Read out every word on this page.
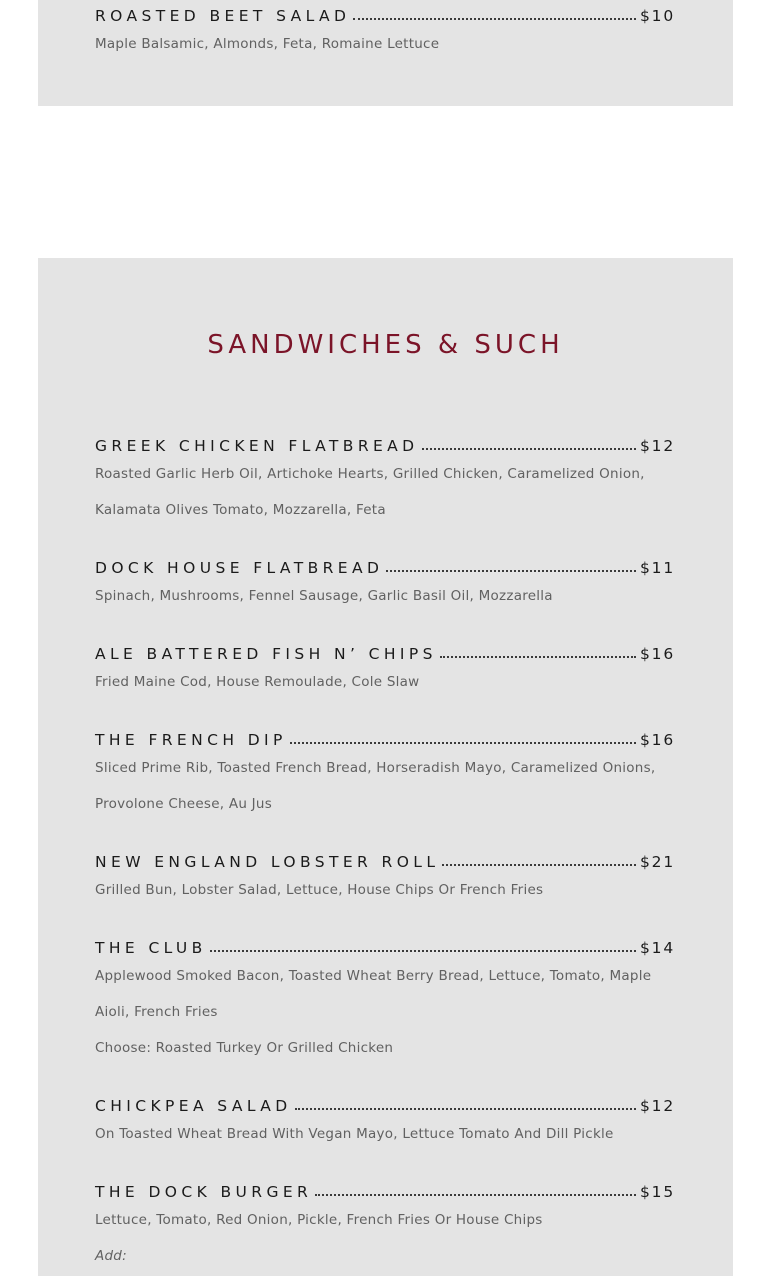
ROASTED BEET SALAD	$10
Maple Balsamic, Almonds, Feta, Romaine Lettuce
SANDWICHES & SUCH
GREEK CHICKEN FLATBREAD	$12
Roasted Garlic Herb Oil, Artichoke Hearts, Grilled Chicken, Caramelized Onion,
Kalamata Olives Tomato, Mozzarella, Feta
DOCK HOUSE FLATBREAD	$11
Spinach, Mushrooms, Fennel Sausage, Garlic Basil Oil, Mozzarella
ALE BATTERED FISH N’ CHIPS	$16
Fried Maine Cod, House Remoulade, Cole Slaw
THE FRENCH DIP	$16
Sliced Prime Rib, Toasted French Bread, Horseradish Mayo, Caramelized Onions,
Provolone Cheese, Au Jus
NEW ENGLAND LOBSTER ROLL	$21
Grilled Bun, Lobster Salad, Lettuce, House Chips Or French Fries
THE CLUB	$14
Applewood Smoked Bacon, Toasted Wheat Berry Bread, Lettuce, Tomato, Maple
Aioli, French Fries
Choose: Roasted Turkey Or Grilled Chicken
CHICKPEA SALAD	$12
On Toasted Wheat Bread With Vegan Mayo, Lettuce Tomato And Dill Pickle
THE DOCK BURGER	$15
Lettuce, Tomato, Red Onion, Pickle, French Fries Or House Chips
Add:
